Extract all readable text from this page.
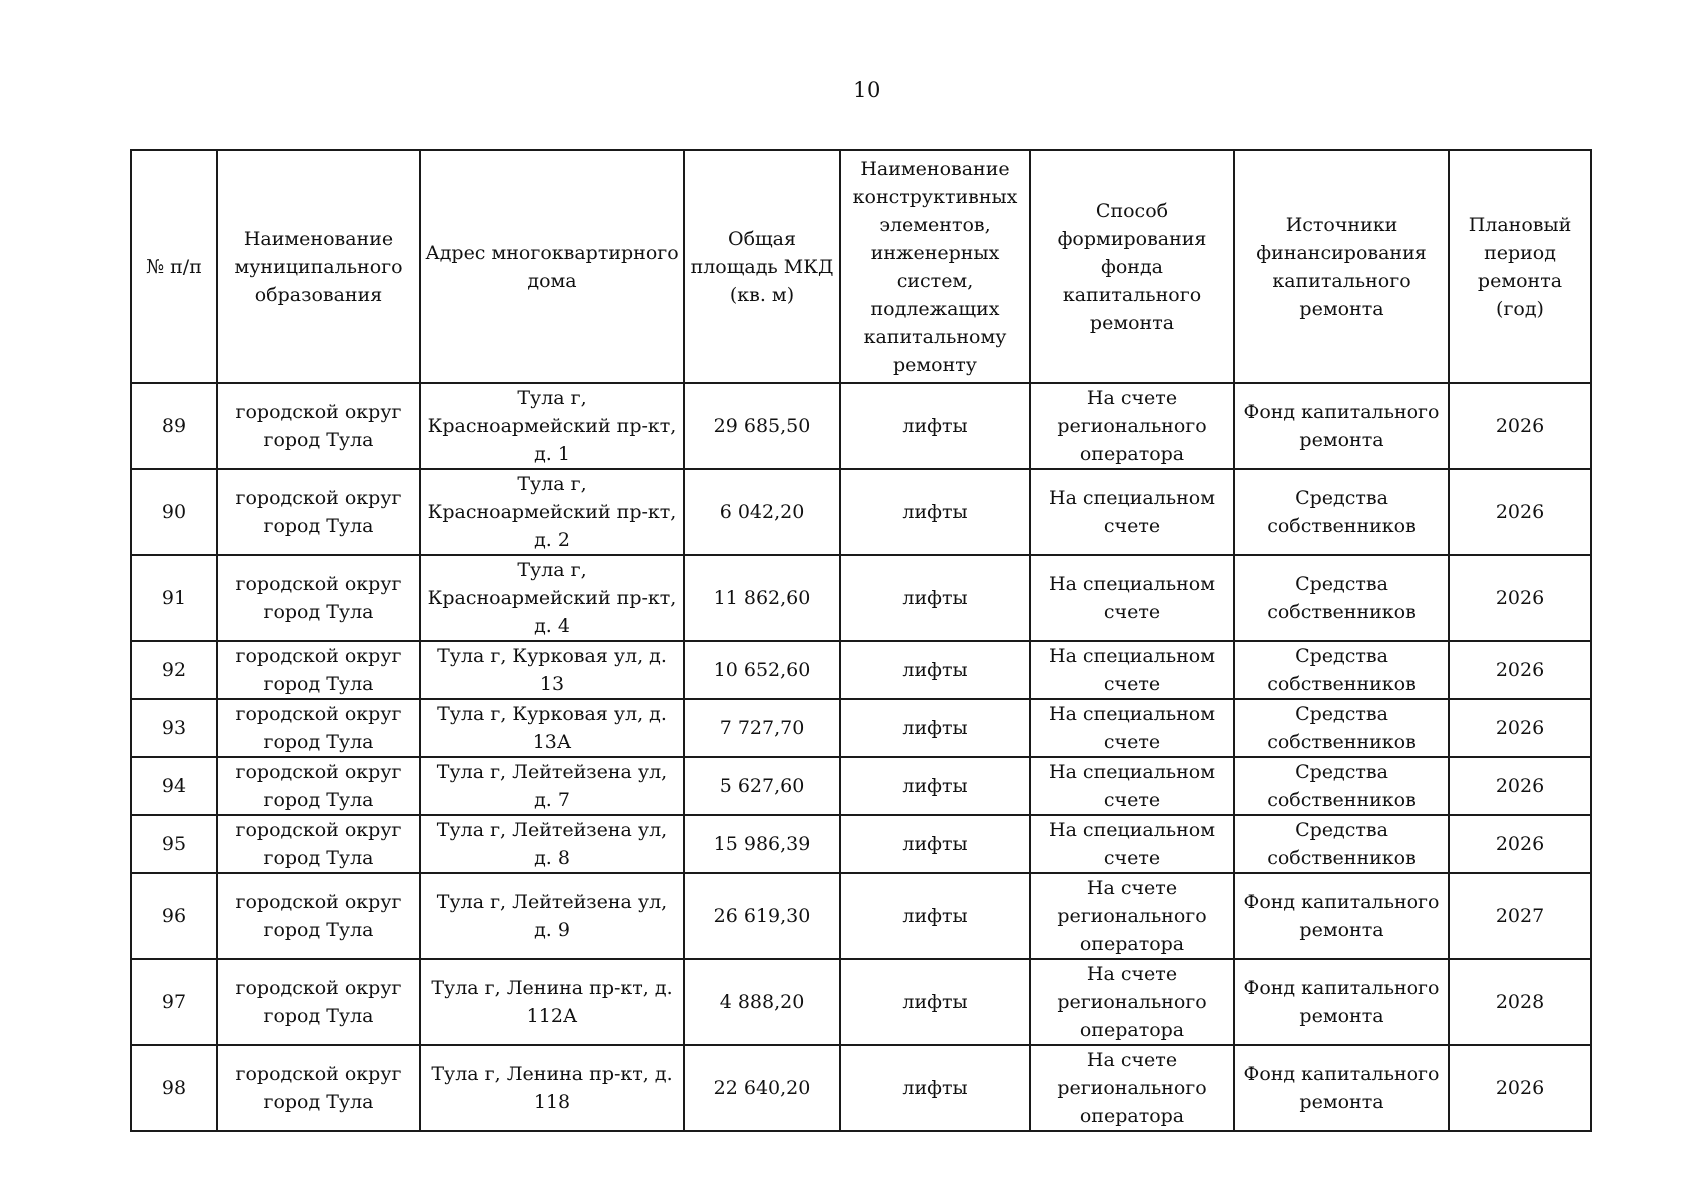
10
№ п/п	Наименование муниципального образования	Адрес многоквартирного дома	Общая площадь МКД (кв. м)	Наименование конструктивных элементов, инженерных систем, подлежащих капитальному ремонту	Способ формирования фонда капитального ремонта	Источники финансирования капитального ремонта	Плановый период ремонта (год)
89	городской округ город Тула	Тула г, Красноармейский пр-кт, д. 1	29 685,50	лифты	На счете регионального оператора	Фонд капитального ремонта	2026
90	городской округ город Тула	Тула г, Красноармейский пр-кт, д. 2	6 042,20	лифты	На специальном счете	Средства собственников	2026
91	городской округ город Тула	Тула г, Красноармейский пр-кт, д. 4	11 862,60	лифты	На специальном счете	Средства собственников	2026
92	городской округ город Тула	Тула г, Курковая ул, д. 13	10 652,60	лифты	На специальном счете	Средства собственников	2026
93	городской округ город Тула	Тула г, Курковая ул, д. 13А	7 727,70	лифты	На специальном счете	Средства собственников	2026
94	городской округ город Тула	Тула г, Лейтейзена ул, д. 7	5 627,60	лифты	На специальном счете	Средства собственников	2026
95	городской округ город Тула	Тула г, Лейтейзена ул, д. 8	15 986,39	лифты	На специальном счете	Средства собственников	2026
96	городской округ город Тула	Тула г, Лейтейзена ул, д. 9	26 619,30	лифты	На счете регионального оператора	Фонд капитального ремонта	2027
97	городской округ город Тула	Тула г, Ленина пр-кт, д. 112А	4 888,20	лифты	На счете регионального оператора	Фонд капитального ремонта	2028
98	городской округ город Тула	Тула г, Ленина пр-кт, д. 118	22 640,20	лифты	На счете регионального оператора	Фонд капитального ремонта	2026
